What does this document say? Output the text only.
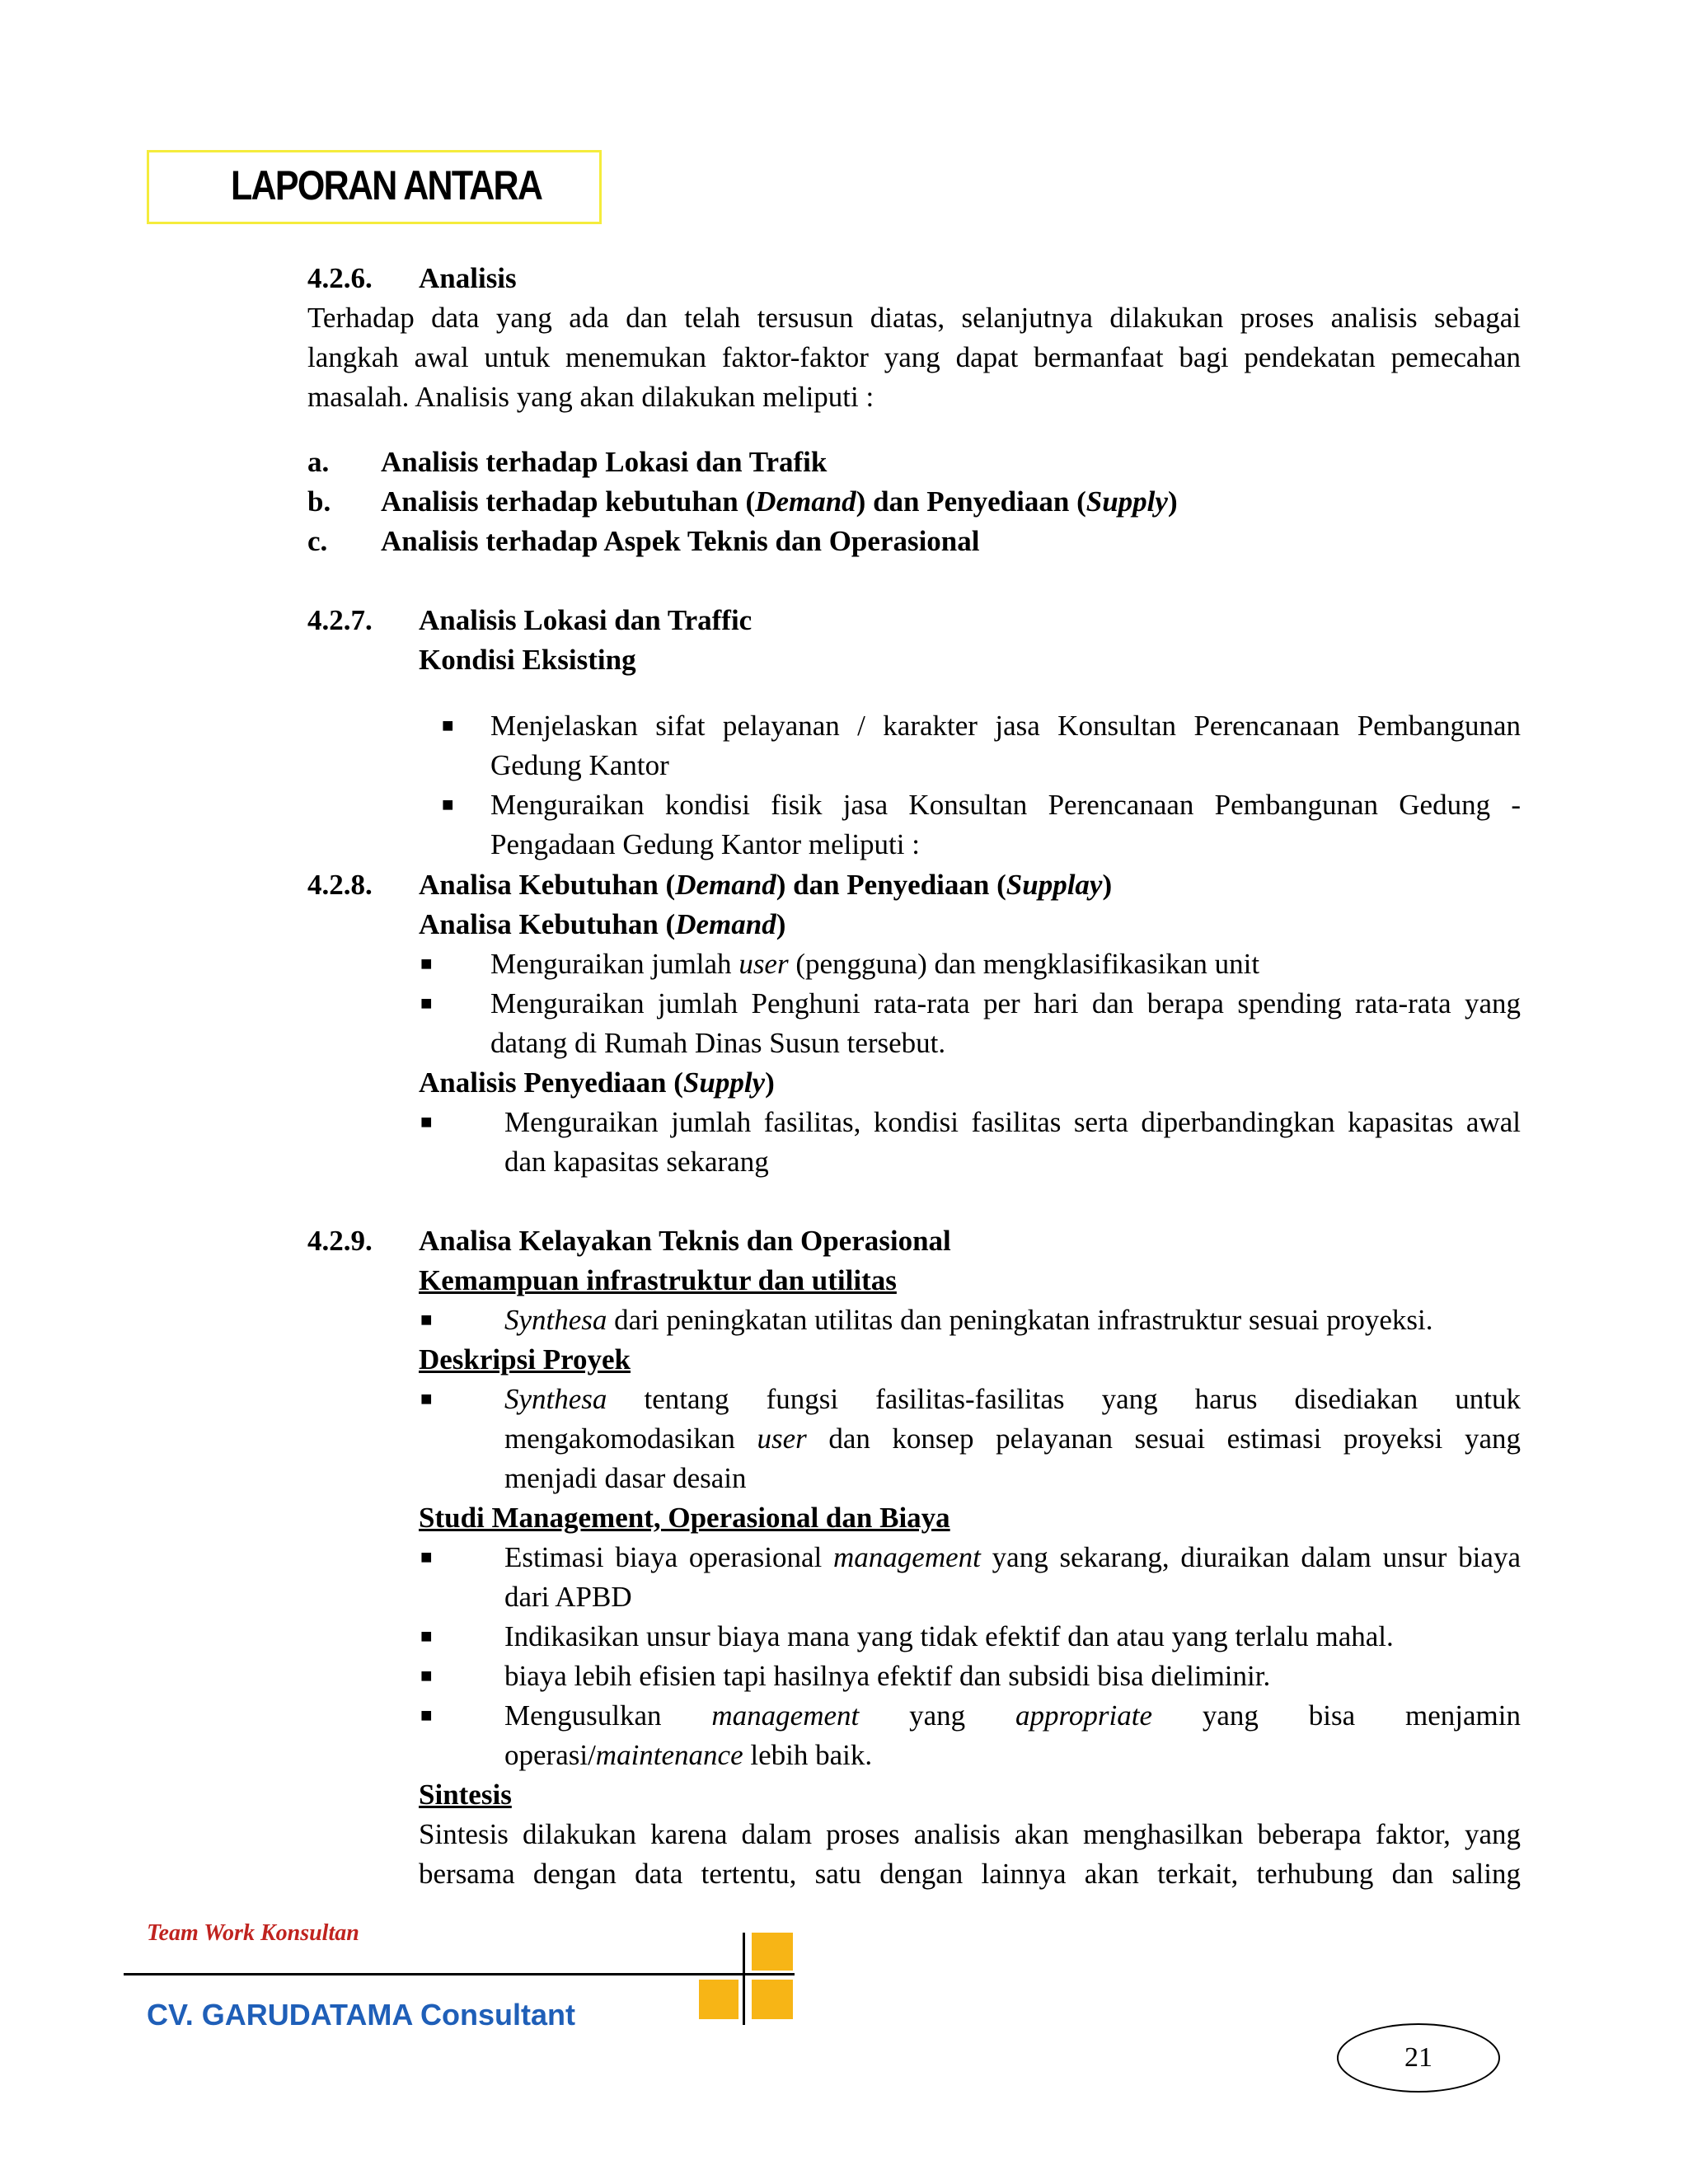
LAPORAN ANTARA
4.2.6. Analisis
Terhadap data yang ada dan telah tersusun diatas, selanjutnya dilakukan proses analisis sebagai
langkah awal untuk menemukan faktor-faktor yang dapat bermanfaat bagi pendekatan pemecahan
masalah. Analisis yang akan dilakukan meliputi :
a. Analisis terhadap Lokasi dan Trafik
b. Analisis terhadap kebutuhan (Demand) dan Penyediaan (Supply)
c. Analisis terhadap Aspek Teknis dan Operasional
4.2.7. Analisis Lokasi dan Traffic
Kondisi Eksisting
■ Menjelaskan sifat pelayanan / karakter jasa Konsultan Perencanaan Pembangunan
Gedung Kantor
■ Menguraikan kondisi fisik jasa Konsultan Perencanaan Pembangunan Gedung -
Pengadaan Gedung Kantor meliputi :
4.2.8. Analisa Kebutuhan (Demand) dan Penyediaan (Supplay)
Analisa Kebutuhan (Demand)
■ Menguraikan jumlah user (pengguna) dan mengklasifikasikan unit
■ Menguraikan jumlah Penghuni rata-rata per hari dan berapa spending rata-rata yang
datang di Rumah Dinas Susun tersebut.
Analisis Penyediaan (Supply)
■	Menguraikan jumlah fasilitas, kondisi fasilitas serta diperbandingkan kapasitas awal
dan kapasitas sekarang
4.2.9. Analisa Kelayakan Teknis dan Operasional
Kemampuan infrastruktur dan utilitas
■	Synthesa dari peningkatan utilitas dan peningkatan infrastruktur sesuai proyeksi.
Deskripsi Proyek
■	Synthesa tentang fungsi fasilitas-fasilitas yang harus disediakan untuk
mengakomodasikan user dan konsep pelayanan sesuai estimasi proyeksi yang
menjadi dasar desain
Studi Management, Operasional dan Biaya
■	Estimasi biaya operasional management yang sekarang, diuraikan dalam unsur biaya
dari APBD
■	Indikasikan unsur biaya mana yang tidak efektif dan atau yang terlalu mahal.
■	biaya lebih efisien tapi hasilnya efektif dan subsidi bisa dieliminir.
■	Mengusulkan management yang appropriate yang bisa menjamin
operasi/maintenance lebih baik.
Sintesis
Sintesis dilakukan karena dalam proses analisis akan menghasilkan beberapa faktor, yang
bersama dengan data tertentu, satu dengan lainnya akan terkait, terhubung dan saling
Team Work Konsultan
CV. GARUDATAMA Consultant
21
